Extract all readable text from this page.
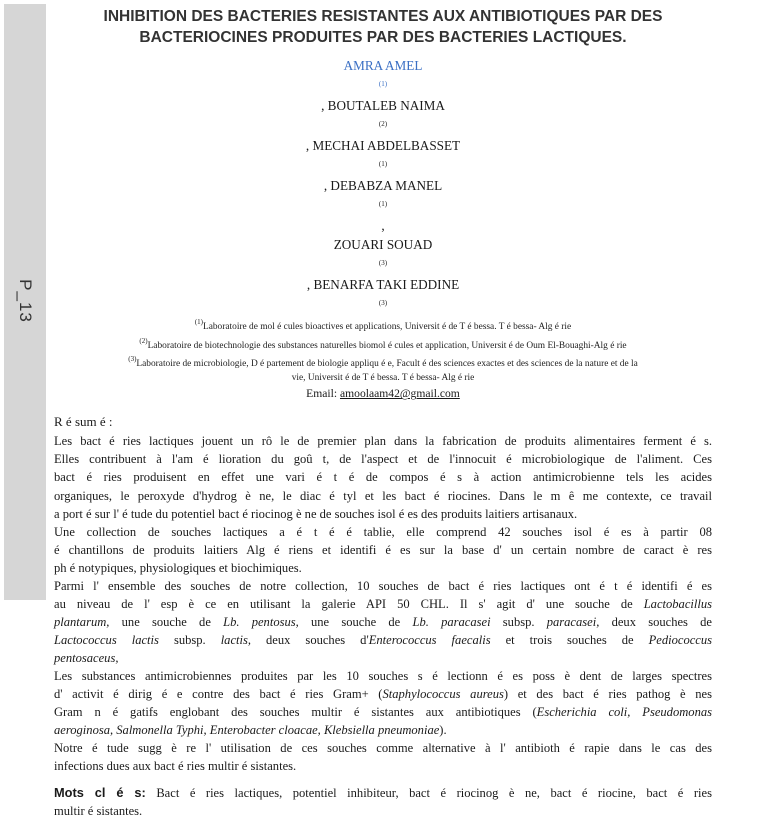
P_13
INHIBITION DES BACTERIES RESISTANTES AUX ANTIBIOTIQUES PAR DES
BACTERIOCINES PRODUITES PAR DES BACTERIES LACTIQUES.
AMRA AMEL
$^{(1)}$
, BOUTALEB NAIMA
$^{(2)}$
, MECHAI ABDELBASSET
$^{(1)}$
, DEBABZA MANEL
$^{(1)}$
,
ZOUARI SOUAD
$^{(3)}$
, BENARFA TAKI EDDINE
$^{(3)}$
$^{(1)}$Laboratoire de mol é cules bioactives et applications, Universit é de T é bessa. T é bessa- Alg é rie
$^{(2)}$Laboratoire de biotechnologie des substances naturelles biomol é cules et application, Universit é de Oum El-Bouaghi-Alg é rie
$^{(3)}$Laboratoire de microbiologie, D é partement de biologie appliqu é e, Facult é des sciences exactes et des sciences de la nature et de la
vie, Universit é de T é bessa. T é bessa- Alg é rie
Email: amoolaam42@gmail.com
R é sum é :

Les bact é ries lactiques jouent un rô le de premier plan dans la fabrication de produits alimentaires ferment é s.
Elles contribuent à l'am é lioration du goû t, de l'aspect et de l'innocuit é microbiologique de l'aliment. Ces
bact é ries produisent en effet une vari é t é de compos é s à action antimicrobienne tels les acides
organiques, le peroxyde d'hydrog è ne, le diac é tyl et les bact é riocines. Dans le m ê me contexte, ce travail
a port é sur l' é tude du potentiel bact é riocinog è ne de souches isol é es des produits laitiers artisanaux.

Une collection de souches lactiques a é t é é tablie, elle comprend 42 souches isol é es à partir 08
é chantillons de produits laitiers Alg é riens et identifi é es sur la base d' un certain nombre de caract è res
ph é notypiques, physiologiques et biochimiques.

Parmi l' ensemble des souches de notre collection, 10 souches de bact é ries lactiques ont é t é identifi é es
au niveau de l' esp è ce en utilisant la galerie API 50 CHL. Il s' agit d' une souche de Lactobacillus
plantarum, une souche de Lb. pentosus, une souche de Lb. paracasei subsp. paracasei, deux souches de
Lactococcus lactis subsp. lactis, deux souches d'Enterococcus faecalis et trois souches de Pediococcus
pentosaceus,

Les substances antimicrobiennes produites par les 10 souches s é lectionn é es poss è dent de larges spectres
d' activit é dirig é e contre des bact é ries Gram+ (Staphylococcus aureus) et des bact é ries pathog è nes
Gram n é gatifs englobant des souches multir é sistantes aux antibiotiques (Escherichia coli, Pseudomonas
aeroginosa, Salmonella Typhi, Enterobacter cloacae, Klebsiella pneumoniae).

Notre é tude sugg è re l' utilisation de ces souches comme alternative à l' antibioth é rapie dans le cas des
infections dues aux bact é ries multir é sistantes.

Mots cl é s: Bact é ries lactiques, potentiel inhibiteur, bact é riocinog è ne, bact é riocine, bact é ries
multir é sistantes.
